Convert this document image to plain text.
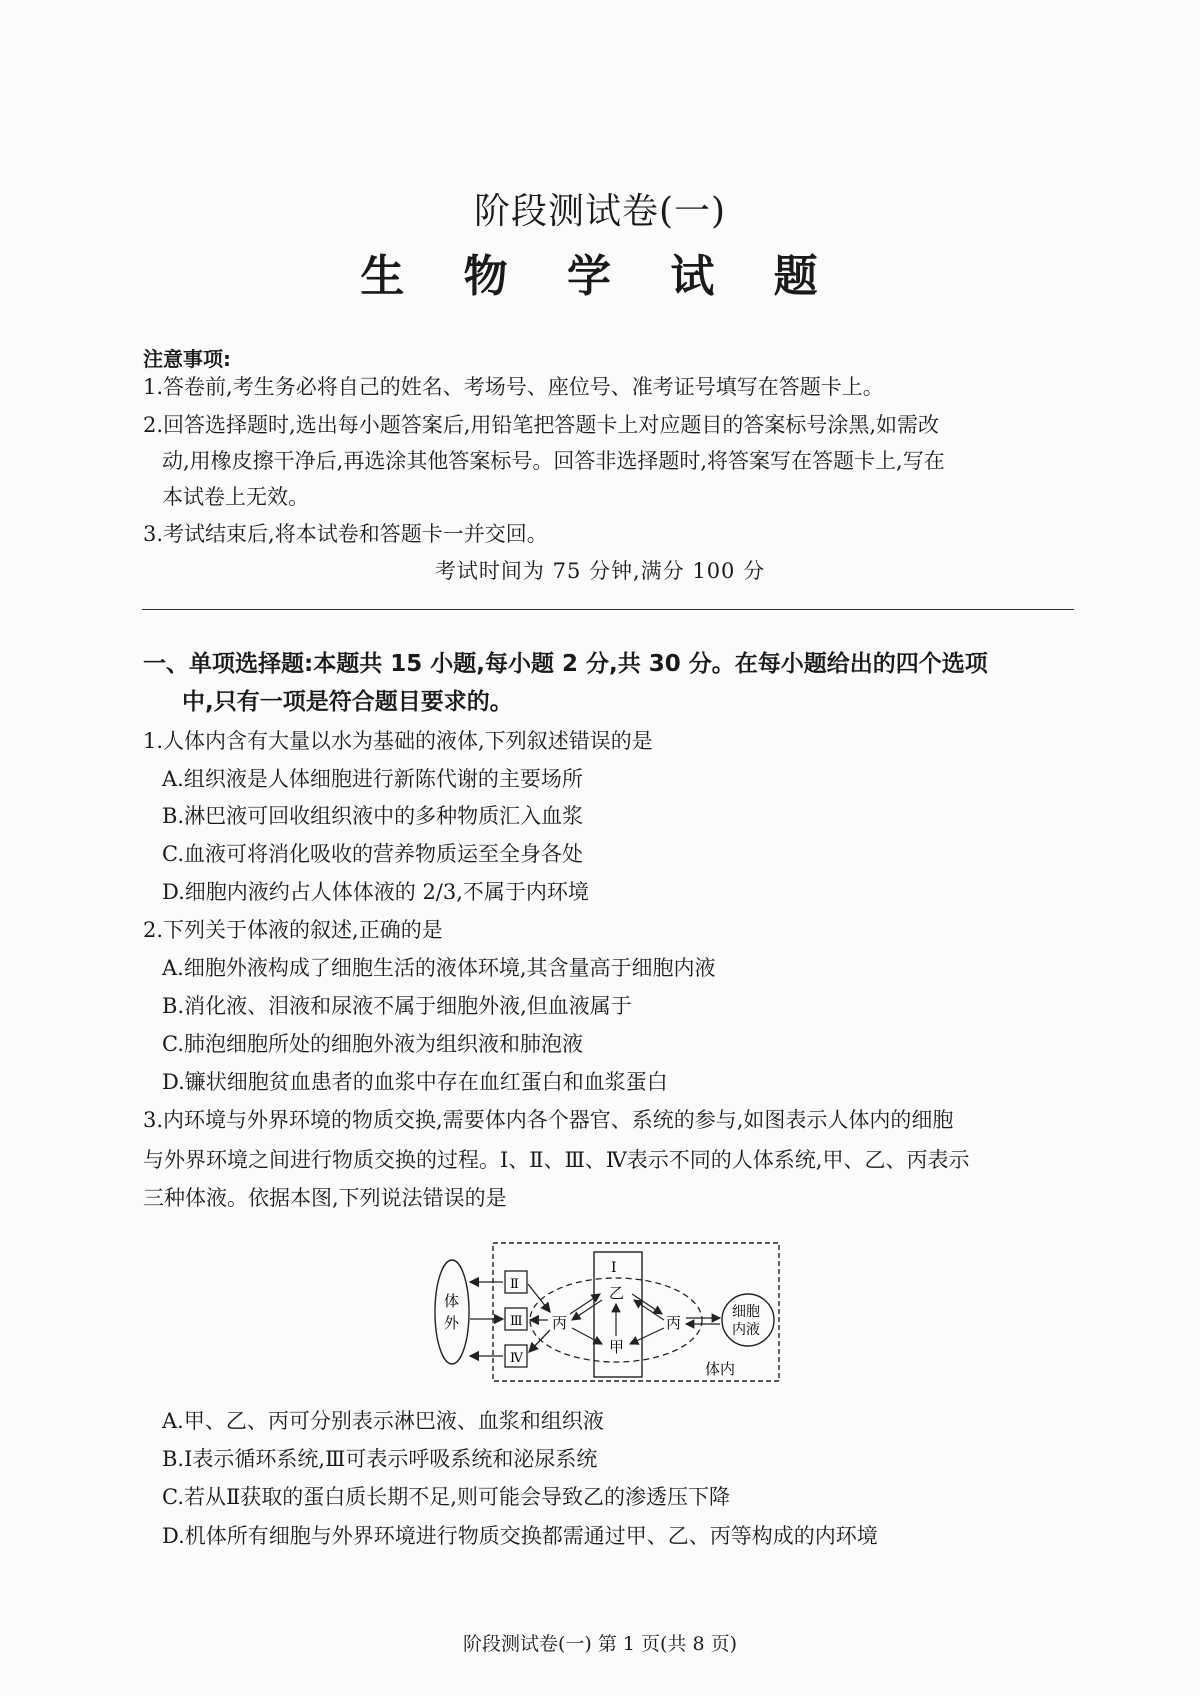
阶段测试卷(一)
生 物 学 试 题
注意事项:
1.答卷前,考生务必将自己的姓名、考场号、座位号、准考证号填写在答题卡上。
2.回答选择题时,选出每小题答案后,用铅笔把答题卡上对应题目的答案标号涂黑,如需改
动,用橡皮擦干净后,再选涂其他答案标号。回答非选择题时,将答案写在答题卡上,写在
本试卷上无效。
3.考试结束后,将本试卷和答题卡一并交回。
考试时间为 75 分钟,满分 100 分
一、单项选择题:本题共 15 小题,每小题 2 分,共 30 分。在每小题给出的四个选项
中,只有一项是符合题目要求的。
1.人体内含有大量以水为基础的液体,下列叙述错误的是
A.组织液是人体细胞进行新陈代谢的主要场所
B.淋巴液可回收组织液中的多种物质汇入血浆
C.血液可将消化吸收的营养物质运至全身各处
D.细胞内液约占人体体液的 2/3,不属于内环境
2.下列关于体液的叙述,正确的是
A.细胞外液构成了细胞生活的液体环境,其含量高于细胞内液
B.消化液、泪液和尿液不属于细胞外液,但血液属于
C.肺泡细胞所处的细胞外液为组织液和肺泡液
D.镰状细胞贫血患者的血浆中存在血红蛋白和血浆蛋白
3.内环境与外界环境的物质交换,需要体内各个器官、系统的参与,如图表示人体内的细胞
与外界环境之间进行物质交换的过程。Ⅰ、Ⅱ、Ⅲ、Ⅳ表示不同的人体系统,甲、乙、丙表示
三种体液。依据本图,下列说法错误的是
体
外
Ⅱ
Ⅲ
Ⅳ
Ⅰ
乙
甲
丙	丙
细胞
内液
体内
A.甲、乙、丙可分别表示淋巴液、血浆和组织液
B.Ⅰ表示循环系统,Ⅲ可表示呼吸系统和泌尿系统
C.若从Ⅱ获取的蛋白质长期不足,则可能会导致乙的渗透压下降
D.机体所有细胞与外界环境进行物质交换都需通过甲、乙、丙等构成的内环境
阶段测试卷(一) 第 1 页(共 8 页)
